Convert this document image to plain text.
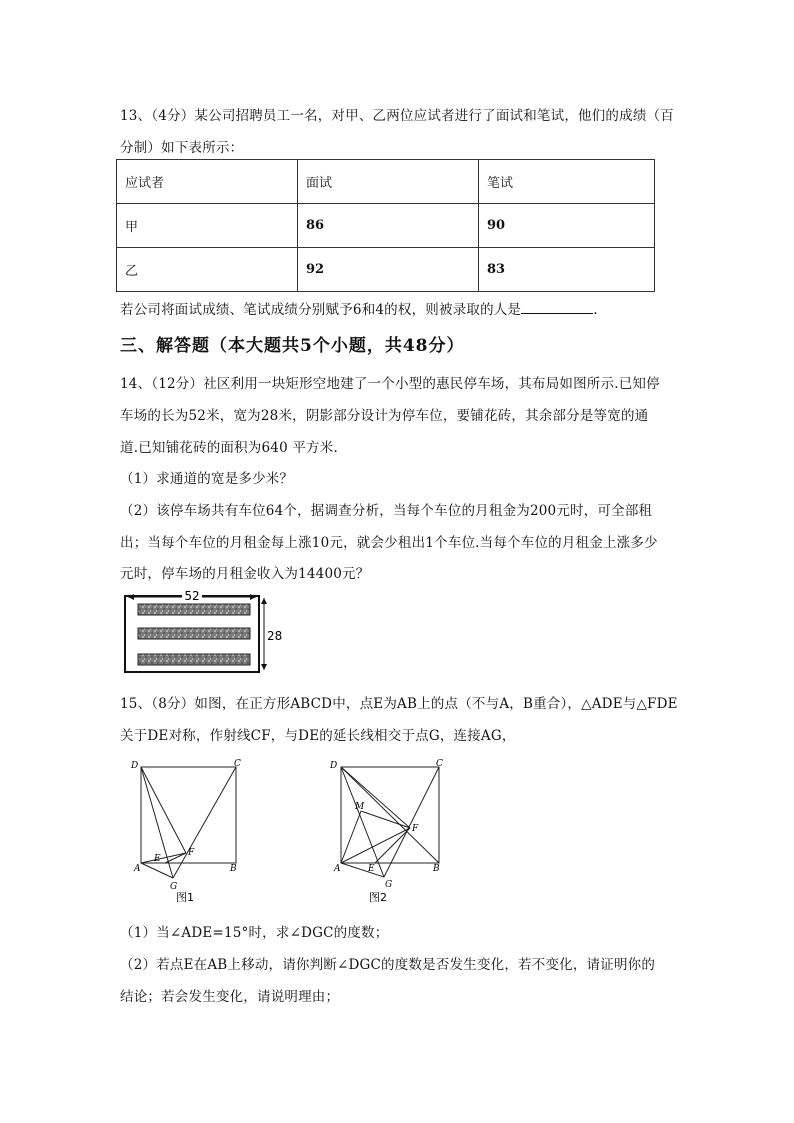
13、（4分）某公司招聘员工一名，对甲、乙两位应试者进行了面试和笔试，他们的成绩（百
分制）如下表所示：
应试者	面试	笔试
甲	86	90
乙	92	83
若公司将面试成绩、笔试成绩分别赋予6和4的权，则被录取的人是	.
三、解答题（本大题共5个小题，共48分）
14、（12分）社区利用一块矩形空地建了一个小型的惠民停车场，其布局如图所示.已知停
车场的长为52米，宽为28米，阴影部分设计为停车位，要铺花砖，其余部分是等宽的通
道.已知铺花砖的面积为640 平方米.
（1）求通道的宽是多少米？
（2）该停车场共有车位64个，据调查分析，当每个车位的月租金为200元时，可全部租
出；当每个车位的月租金每上涨10元，就会少租出1个车位.当每个车位的月租金上涨多少
元时，停车场的月租金收入为14400元？
52
28
15、（8分）如图，在正方形ABCD中，点E为AB上的点（不与A，B重合），△ADE与△FDE
关于DE对称，作射线CF，与DE的延长线相交于点G，连接AG，
D	C
A	B
E
F
G
图1
D	C
A	B
E
F
G
M
图2
（1）当∠ADE=15°时，求∠DGC的度数；
（2）若点E在AB上移动，请你判断∠DGC的度数是否发生变化，若不变化，请证明你的
结论；若会发生变化，请说明理由；
